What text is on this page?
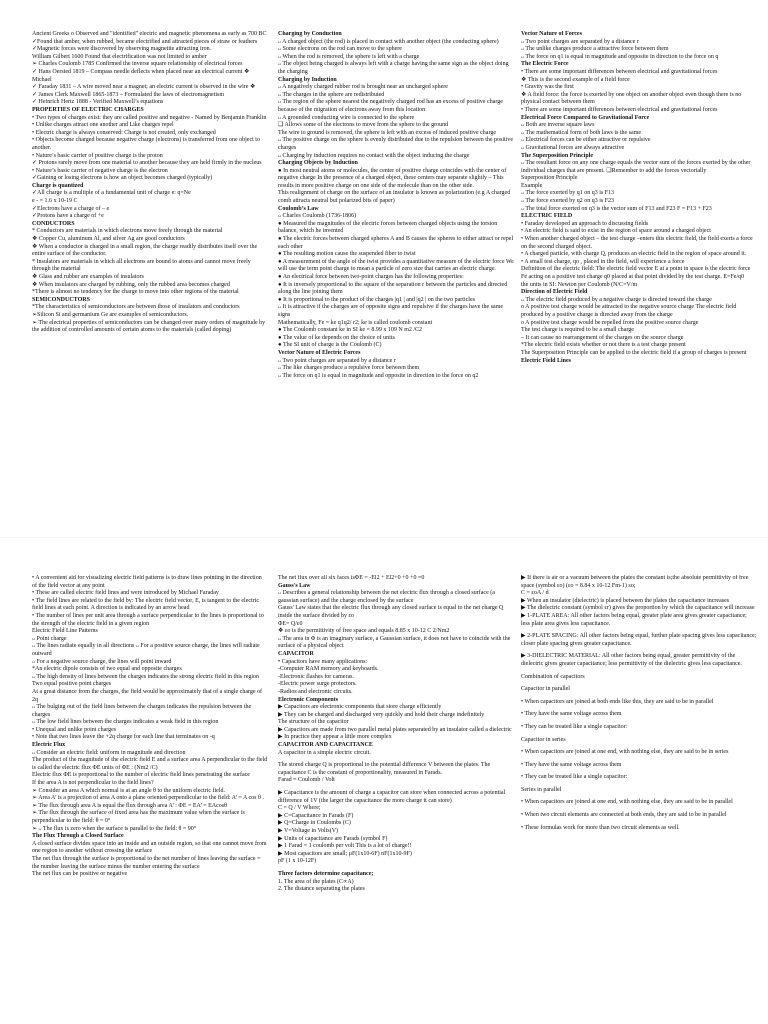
Ancient Greeks o Observed and "identified" electric and magnetic phenomena as early as 700 BC
✓Found that amber, when rubbed, became electrified and attracted pieces of straw or feathers
✓Magnetic forces were discovered by observing magnetite attracting iron.
William Gilbert 1600 Found that electrification was not limited to amber
➢ Charles Coulomb 1785 Confirmed the inverse square relationship of electrical forces
✓ Hans Oersted 1819 – Compass needle deflects when placed near an electrical current ❖ Michael
✓ Faraday 1831 – A wire moved near a magnet; an electric current is observed in the wire ❖
✓ James Clerk Maxwell 1865-1873 – Formulated the laws of electromagnetism
✓ Heinrich Hertz 1888 - Verified Maxwell’s equations
PROPERTIES OF ELECTRIC CHARGES
• Two types of charges exist: they are called positive and negative - Named by Benjamin Franklin
• Unlike charges attract one another and Like charges repel
• Electric charge is always conserved: Charge is not created, only exchanged
• Objects become charged because negative charge (electrons) is transferred from one object to another.
• Nature’s basic carrier of positive charge is the proton
✓ Protons rarely move from one material to another because they are held firmly in the nucleus
• Nature’s basic carrier of negative charge is the electron
✓Gaining or losing electrons is how an object becomes charged (typically)
Charge is quantized
✓All charge is a multiple of a fundamental unit of charge e: q=Ne
e - = 1.6 x 10-19 C
✓Electrons have a charge of – e
✓Protons have a charge of +e
CONDUCTORS
* Conductors are materials in which electrons move freely through the material
❖ Copper Cu, aluminum Al, and silver Ag are good conductors
❖ When a conductor is charged in a small region, the charge readily distributes itself over the entire surface of the conductor.
* Insulators are materials in which all electrons are bound to atoms and cannot move freely through the material
❖ Glass and rubber are examples of insulators
❖ When insulators are charged by rubbing, only the rubbed area becomes charged
*There is almost no tendency for the charge to move into other regions of the material
SEMICONDUCTORS
*The characteristics of semiconductors are between those of insulators and conductors
➢Silicon Si and germanium Ge are examples of semiconductors.
➢ The electrical properties of semiconductors can be changed over many orders of magnitude by the addition of controlled amounts of certain atoms to the materials (called doping)
Charging by Conduction
ᴗ A charged object (the rod) is placed in contact with another object (the conducting sphere)
ᴗ Some electrons on the rod can move to the sphere
ᴗ When the rod is removed, the sphere is left with a charge
ᴗ The object being charged is always left with a charge having the same sign as the object doing the charging
Charging by Induction
ᴗ A negatively charged rubber rod is brought near an uncharged sphere
ᴗ The charges in the sphere are redistributed
ᴗ The region of the sphere nearest the negatively charged rod has an excess of positive charge because of the migration of electrons away from this location
ᴗ A grounded conducting wire is connected to the sphere
❑ Allows some of the electrons to move from the sphere to the ground
The wire to ground is removed, the sphere is left with an excess of induced positive charge
ᴗ The positive charge on the sphere is evenly distributed due to the repulsion between the positive charges
ᴗ Charging by induction requires no contact with the object inducing the charge
Charging Objects by Induction
● In most neutral atoms or molecules, the center of positive charge coincides with the center of negative charge In the presence of a charged object, these centers may separate slightly – This results in more positive charge on one side of the molecule than on the other side.
This realignment of charge on the surface of an insulator is known as polarization (e.g A charged comb attracts neutral but polarized bits of paper)
Coulomb’s Law
ᴗ Charles Coulomb (1736-1806)
● Measured the magnitudes of the electric forces between charged objects using the torsion balance, which he invented
● The electric forces between charged spheres A and B causes the spheres to either attract or repel each other
● The resulting motion cause the suspended fiber to twist
● A measurement of the angle of the twist provides a quantitative measure of the electric force We will use the term point charge to mean a particle of zero size that carries an electric charge.
● An electrical force between two-point charges has the following properties:
● It is inversely proportional to the square of the separation r between the particles and directed along the line joining them
● It is proportional to the product of the charges |q1 | and |q2 | on the two particles
ᴗ It is attractive if the charges are of opposite signs and repulsive if the charges have the same signs
Mathematically, Fe = ke q1q2/ r2; ke is called coulomb constant
● The Coulomb constant ke in SI ke = 8.99 x 109 N m2 /C2
● The value of ke depends on the choice of units
● The SI unit of charge is the Coulomb (C)
Vector Nature of Electric Forces
ᴗ Two point charges are separated by a distance r
ᴗ The like charges produce a repulsive force between them
ᴗ The force on q1 is equal in magnitude and opposite in direction to the force on q2
Vector Nature of Forces
ᴗ Two point charges are separated by a distance r
ᴗ The unlike charges produce a attractive force between them
ᴗ The force on q1 is equal in magnitude and opposite in direction to the force on q
The Electric Force
• There are some important differences between electrical and gravitational forces
❖ This is the second example of a field force
• Gravity was the first
❖ A field force: the force is exerted by one object on another object even though there is no physical contact between them
• There are some important differences between electrical and gravitational forces
Electrical Force Compared to Gravitational Force
ᴗ Both are inverse square laws
ᴗ The mathematical form of both laws is the same
ᴗ Electrical forces can be either attractive or repulsive
ᴗ Gravitational forces are always attractive
The Superposition Principle
ᴗ The resultant force on any one charge equals the vector sum of the forces exerted by the other individual charges that are present. ❑Remember to add the forces vectorially
Superposition Principle
Example
ᴗ The force exerted by q1 on q3 is F13
ᴗ The force exerted by q2 on q3 is F23
ᴗ The total force exerted on q3 is the vector sum of F13 and F23 F = F13 + F23
ELECTRIC FIELD
• Faraday developed an approach to discussing fields
• An electric field is said to exist in the region of space around a charged object
• When another charged object – the test charge –enters this electric field, the field exerts a force on the second charged object.
• A charged particle, with charge Q, produces an electric field in the region of space around it.
• A small test charge, qo , placed in the field, will experience a force
Definition of the electric field: The electric field vector E at a point in space is the electric force Fe acting on a positive test charge q0 placed at that point divided by the test charge. E=Fe/q0
the units in SI: Newton per Coulomb (N/C=V/m
Direction of Electric Field
ᴗ The electric field produced by a negative charge is directed toward the charge
o A positive test charge would be attracted to the negative source charge The electric field produced by a positive charge is directed away from the charge
o A positive test charge would be repelled from the positive source charge
The test charge is required to be a small charge
– It can cause no rearrangement of the charges on the source charge
*The electric field exists whether or not there is a test charge present
The Superposition Principle can be applied to the electric field if a group of charges is present
Electric Field Lines
• A convenient aid for visualizing electric field patterns is to draw lines pointing in the direction of the field vector at any point
• These are called electric field lines and were introduced by Michael Faraday
• The field lines are related to the field by: The electric field vector, E, is tangent to the electric field lines at each point. A direction is indicated by an arrow head
• The number of lines per unit area through a surface perpendicular to the lines is proportional to the strength of the electric field in a given region
Electric Field Line Patterns
ᴗ Point charge
ᴗ The lines radiate equally in all directions ᴗ For a positive source charge, the lines will radiate outward
ᴗ For a negative source charge, the lines will point inward
*An electric dipole consists of two equal and opposite charges
ᴗ The high density of lines between the charges indicates the strong electric field in this region
Two equal positive point charges
At a great distance from the charges, the field would be approximately that of a single charge of 2q
ᴗ The bulging out of the field lines between the charges indicates the repulsion between the charges
ᴗ The low field lines between the charges indicates a weak field in this region
• Unequal and unlike point charges
• Note that two lines leave the +2q charge for each line that terminates on -q
Electric Flux
ᴗ Consider an electric field: uniform in magnitude and direction
The product of the magnitude of the electric field E and a surface area A perpendicular to the field is called the electric flux ΦE units of ΦE : (Nm2 /C)
Electric flux ΦE is proportional to the number of electric field lines penetrating the surface
If the area A is not perpendicular to the field lines?
➢ Consider an area A which normal is at an angle θ to the uniform electric field.
➢ Area A’ is a projection of area A onto a plane oriented perpendicular to the field: A’ = A cos θ .
➢ The flux through area A is equal the flux through area A’ : ΦE = EA’ = EAcosθ
➢ The flux through the surface of fixed area has the maximum value when the surface is perpendicular to the field: θ = 0°
➢ ᴗ The flux is zero when the surface is parallel to the field: θ = 90°
The Flux Through a Closed Surface
A closed surface divides space into an inside and an outside region, so that one cannot move from one region to another without crossing the surface
The net flux through the surface is proportional to the net number of lines leaving the surface = the number leaving the surface minus the number entering the surface
The net flux can be positive or negative
The net flux over all six faces isΦE = -El2 + El2+0 +0 +0 =0
Gauss's Law
ᴗ Describes a general relationship between the net electric flux through a closed surface (a gaussian surface) and the charge enclosed by the surface
Gauss' Law states that the electric flux through any closed surface is equal to the net charge Q inside the surface divided by εo
ΦE= Q/ε0
❖ εo is the permittivity of free space and equals 8.85 x 10-12 C 2/Nm2
ᴗ The area in Φ is an imaginary surface, a Gaussian surface, it does not have to coincide with the surface of a physical object
CAPACITOR
• Capacitors have many applications:
-Computer RAM memory and keyboards.
-Electronic flashes for cameras.
-Electric power surge protectors.
-Radios and electronic circuits.
Electronic Components
▶ Capacitors are electronic components that store charge efficiently
▶ They can be charged and discharged very quickly and hold their charge indefinitely
The structure of the capacitor
▶ Capacitors are made from two parallel metal plates separated by an insulator called a dielectric
▶ In practice they appear a little more complex
CAPACITOR AND CAPACITANCE
A capacitor in a simple electric circuit.
The stored charge Q is proportional to the potential difference V between the plates. The capacitance C is the constant of proportionality, measured in Farads.
Farad = Coulomb / Volt
▶ Capacitance is the amount of charge a capacitor can store when connected across a potential difference of 1V (the larger the capacitance the more charge it can store)
C = Q / V Where;
▶ C=Capacitance in Farads (F)
▶ Q=Charge in Coulombs (C)
▶ V=Voltage in Volts(V)
▶ Units of capacitance are Farads (symbol F)
▶ 1 Farad = 1 coulomb per volt This is a lot of charge!!
▶ Most capacitors are small; μF(1x10-6F) nF(1x10-9F)
pF (1 x 10-12F)
Three factors determine capacitance;
1. The area of the plates (C∝A)
2. The distance separating the plates
▶ If there is air or a vacuum between the plates the constant is;the absolute permittivity of free space (symbol εo) (εo = 8.84 x 10-12 Fm-1) so;
C = εoA / d
▶ When an insulator (dielectric) is placed between the plates the capacitance increases
▶ The dielectric constant (symbol εr) gives the proportion by which the capacitance will increase
▶ 1-PLATE AREA: All other factors being equal, greater plate area gives greater capacitance; less plate area gives less capacitance.
▶ 2-PLATE SPACING: All other factors being equal, further plate spacing gives less capacitance; closer plate spacing gives greater capacitance.
▶ 3-DIELECTRIC MATERIAL: All other factors being equal, greater permittivity of the dielectric gives greater capacitance; less permittivity of the dielectric gives less capacitance.
Combination of capacitors
Capacitor in parallel
• When capacitors are joined at both ends like this, they are said to be in parallel
• They have the same voltage across them
• They can be treated like a single capacitor:
Capacitor in series
• When capacitors are joined at one end, with nothing else, they are said to be in series
• They have the same voltage across them
• They can be treated like a single capacitor:
Series in parallel
• When capacitors are joined at one end, with nothing else, they are said to be in parallel
• When two circuit elements are connected at both ends, they are said to be in parallel
• These formulas work for more than two circuit elements as well.
